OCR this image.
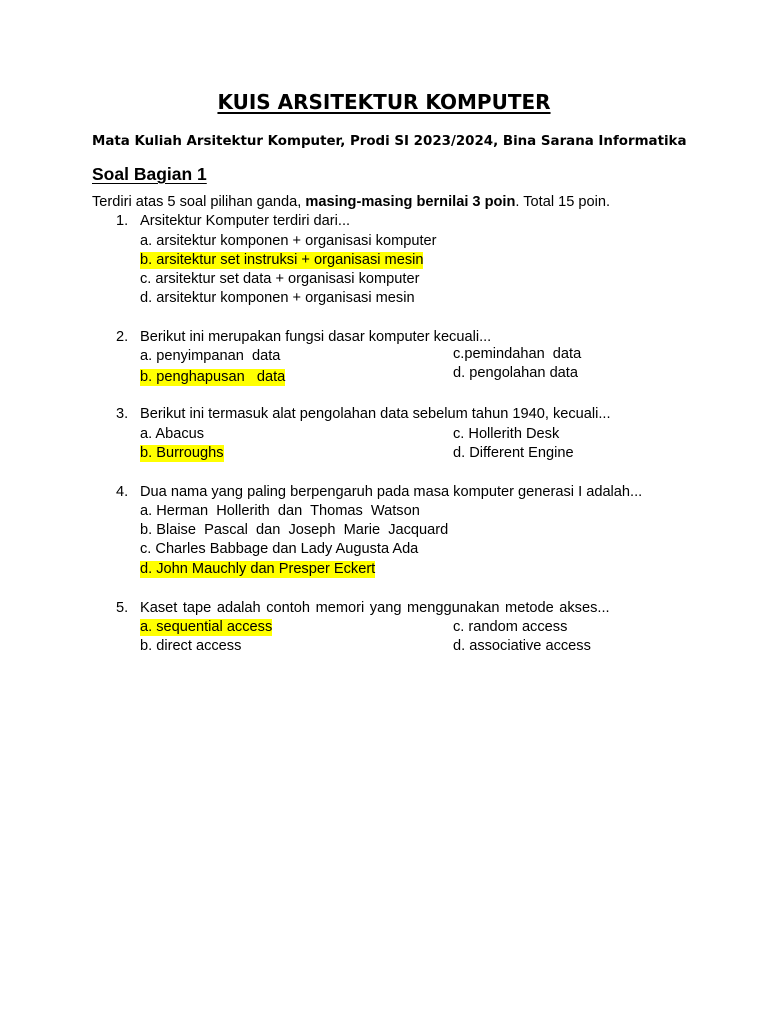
KUIS ARSITEKTUR KOMPUTER
Mata Kuliah Arsitektur Komputer, Prodi SI 2023/2024, Bina Sarana Informatika
Soal Bagian 1
Terdiri atas 5 soal pilihan ganda, masing-masing bernilai 3 poin. Total 15 poin.
1. Arsitektur Komputer terdiri dari...
a. arsitektur komponen + organisasi komputer
b. arsitektur set instruksi + organisasi mesin
c. arsitektur set data + organisasi komputer
d. arsitektur komponen + organisasi mesin
2. Berikut ini merupakan fungsi dasar komputer kecuali...
a. penyimpanan  data	c.pemindahan  data
b. penghapusan   data	d. pengolahan data
3. Berikut ini termasuk alat pengolahan data sebelum tahun 1940, kecuali...
a. Abacus	c. Hollerith Desk
b. Burroughs	d. Different Engine
4. Dua nama yang paling berpengaruh pada masa komputer generasi I adalah...
a. Herman  Hollerith  dan  Thomas  Watson
b. Blaise  Pascal  dan  Joseph  Marie  Jacquard
c. Charles Babbage dan Lady Augusta Ada
d. John Mauchly dan Presper Eckert
5. Kaset tape adalah contoh memori yang menggunakan metode akses...
a. sequential access	c. random access
b. direct access	d. associative access
